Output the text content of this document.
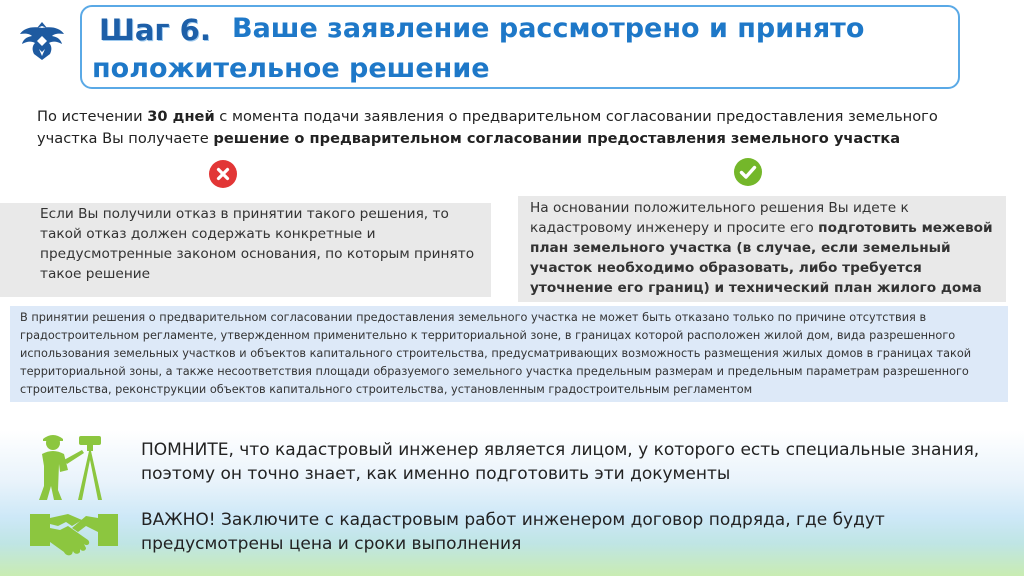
Шаг 6. Ваше заявление рассмотрено и принято
положительное решение
По истечении 30 дней с момента подачи заявления о предварительном согласовании предоставления земельного участка Вы получаете решение о предварительном согласовании предоставления земельного участка
Если Вы получили отказ в принятии такого решения, то такой отказ должен содержать конкретные и предусмотренные законом основания, по которым принято такое решение
На основании положительного решения Вы идете к кадастровому инженеру и просите его подготовить межевой план земельного участка (в случае, если земельный участок необходимо образовать, либо требуется уточнение его границ) и технический план жилого дома
В принятии решения о предварительном согласовании предоставления земельного участка не может быть отказано только по причине отсутствия в градостроительном регламенте, утвержденном применительно к территориальной зоне, в границах которой расположен жилой дом, вида разрешенного использования земельных участков и объектов капитального строительства, предусматривающих возможность размещения жилых домов в границах такой территориальной зоны, а также несоответствия площади образуемого земельного участка предельным размерам и предельным параметрам разрешенного строительства, реконструкции объектов капитального строительства, установленным градостроительным регламентом
ПОМНИТЕ, что кадастровый инженер является лицом, у которого есть специальные знания, поэтому он точно знает, как именно подготовить эти документы
ВАЖНО! Заключите с кадастровым работ инженером договор подряда, где будут предусмотрены цена и сроки выполнения
